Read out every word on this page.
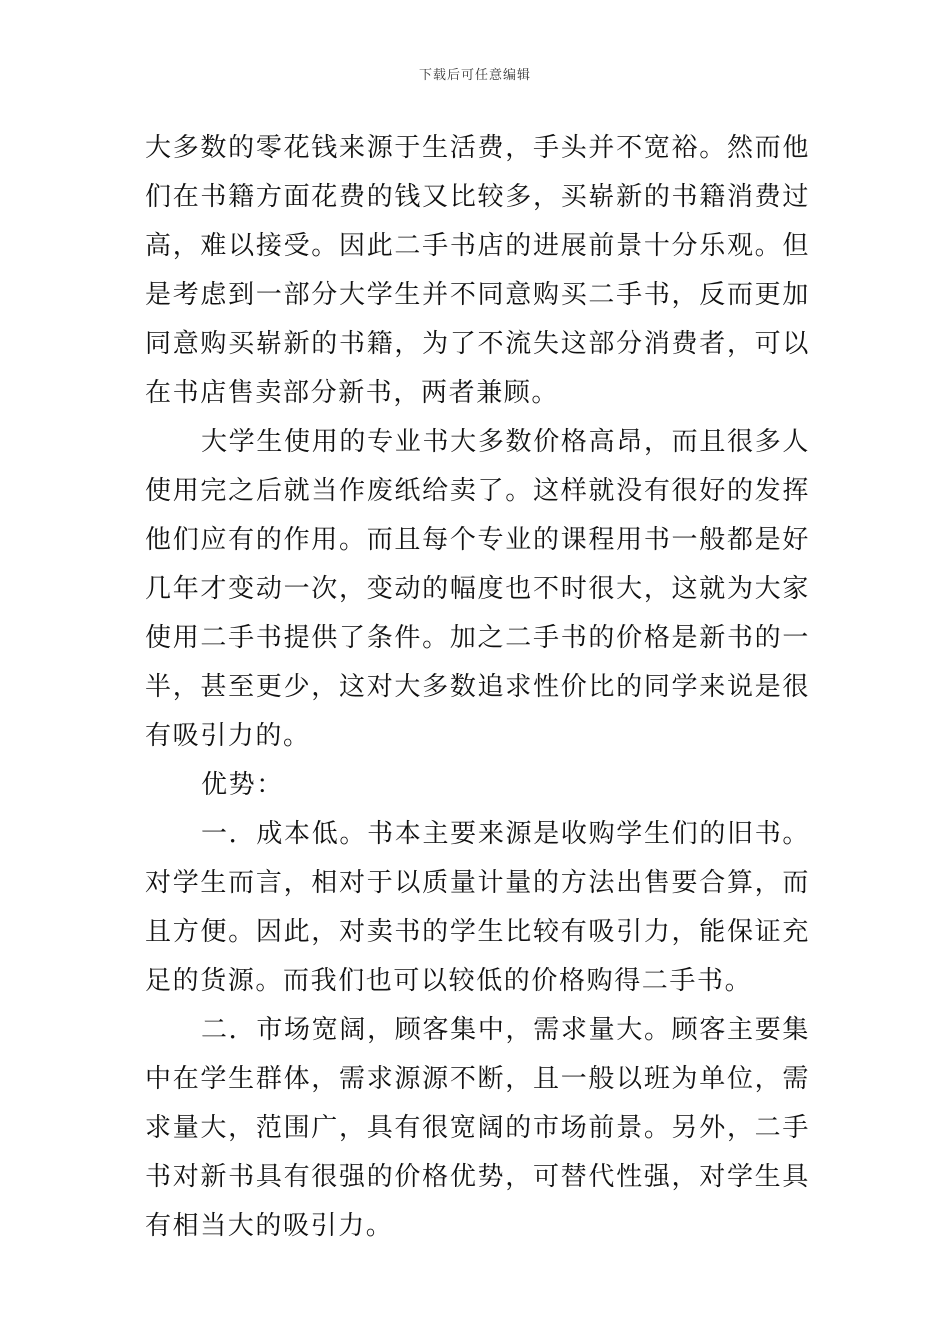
下载后可任意编辑

大多数的零花钱来源于生活费，手头并不宽裕。然而他们在书籍方面花费的钱又比较多，买崭新的书籍消费过高，难以接受。因此二手书店的进展前景十分乐观。但是考虑到一部分大学生并不同意购买二手书，反而更加同意购买崭新的书籍，为了不流失这部分消费者，可以在书店售卖部分新书，两者兼顾。

大学生使用的专业书大多数价格高昂，而且很多人使用完之后就当作废纸给卖了。这样就没有很好的发挥他们应有的作用。而且每个专业的课程用书一般都是好几年才变动一次，变动的幅度也不时很大，这就为大家使用二手书提供了条件。加之二手书的价格是新书的一半，甚至更少，这对大多数追求性价比的同学来说是很有吸引力的。

优势：

一．成本低。书本主要来源是收购学生们的旧书。对学生而言，相对于以质量计量的方法出售要合算，而且方便。因此，对卖书的学生比较有吸引力，能保证充足的货源。而我们也可以较低的价格购得二手书。

二．市场宽阔，顾客集中，需求量大。顾客主要集中在学生群体，需求源源不断，且一般以班为单位，需求量大，范围广，具有很宽阔的市场前景。另外，二手书对新书具有很强的价格优势，可替代性强，对学生具有相当大的吸引力。
